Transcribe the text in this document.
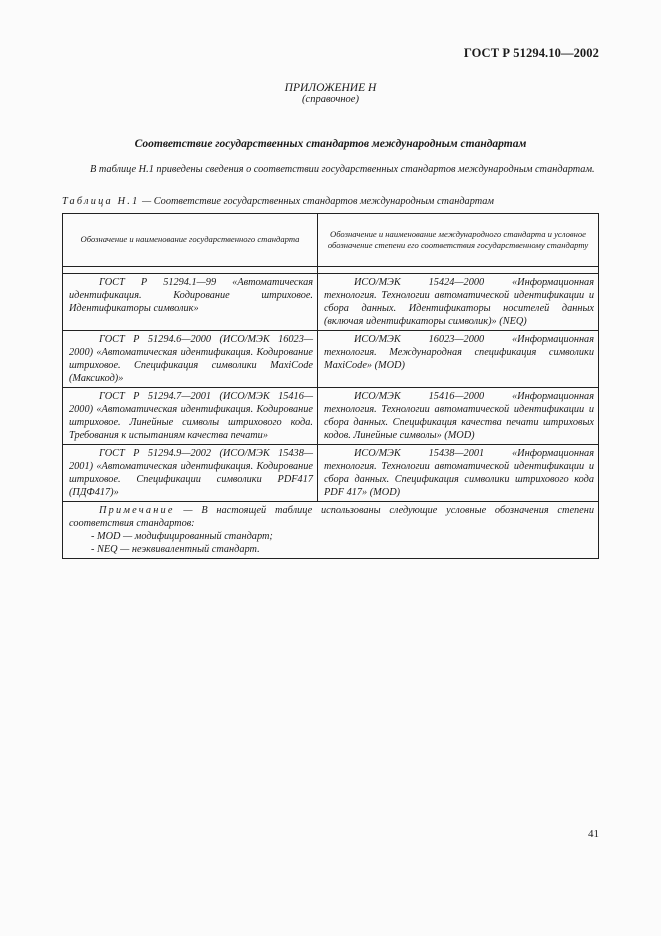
ГОСТ Р 51294.10—2002
ПРИЛОЖЕНИЕ Н
(справочное)
Соответствие государственных стандартов международным стандартам
В таблице Н.1 приведены сведения о соответствии государственных стандартов международным стандартам.
Таблица Н.1 — Соответствие государственных стандартов международным стандартам
Обозначение и наименование государственного стандарта	Обозначение и наименование международного стандарта и условное обозначение степени его соответствия государственному стандарту

ГОСТ Р 51294.1—99 «Автоматическая идентификация. Кодирование штриховое. Идентификаторы символик»	ИСО/МЭК 15424—2000 «Информационная технология. Технологии автоматической идентификации и сбора данных. Идентификаторы носителей данных (включая идентификаторы символик)» (NEQ)
ГОСТ Р 51294.6—2000 (ИСО/МЭК 16023—2000) «Автоматическая идентификация. Кодирование штриховое. Спецификация символики MaxiCode (Максикод)»	ИСО/МЭК 16023—2000 «Информационная технология. Международная спецификация символики MaxiCode» (MOD)
ГОСТ Р 51294.7—2001 (ИСО/МЭК 15416—2000) «Автоматическая идентификация. Кодирование штриховое. Линейные символы штрихового кода. Требования к испытаниям качества печати»	ИСО/МЭК 15416—2000 «Информационная технология. Технологии автоматической идентификации и сбора данных. Спецификация качества печати штриховых кодов. Линейные символы» (MOD)
ГОСТ Р 51294.9—2002 (ИСО/МЭК 15438—2001) «Автоматическая идентификация. Кодирование штриховое. Спецификации символики PDF417 (ПДФ417)»	ИСО/МЭК 15438—2001 «Информационная технология. Технологии автоматической идентификации и сбора данных. Спецификация символики штрихового кода PDF 417» (MOD)

Примечание — В настоящей таблице использованы следующие условные обозначения степени соответствия стандартов:
- MOD — модифицированный стандарт;
- NEQ — неэквивалентный стандарт.	
41
